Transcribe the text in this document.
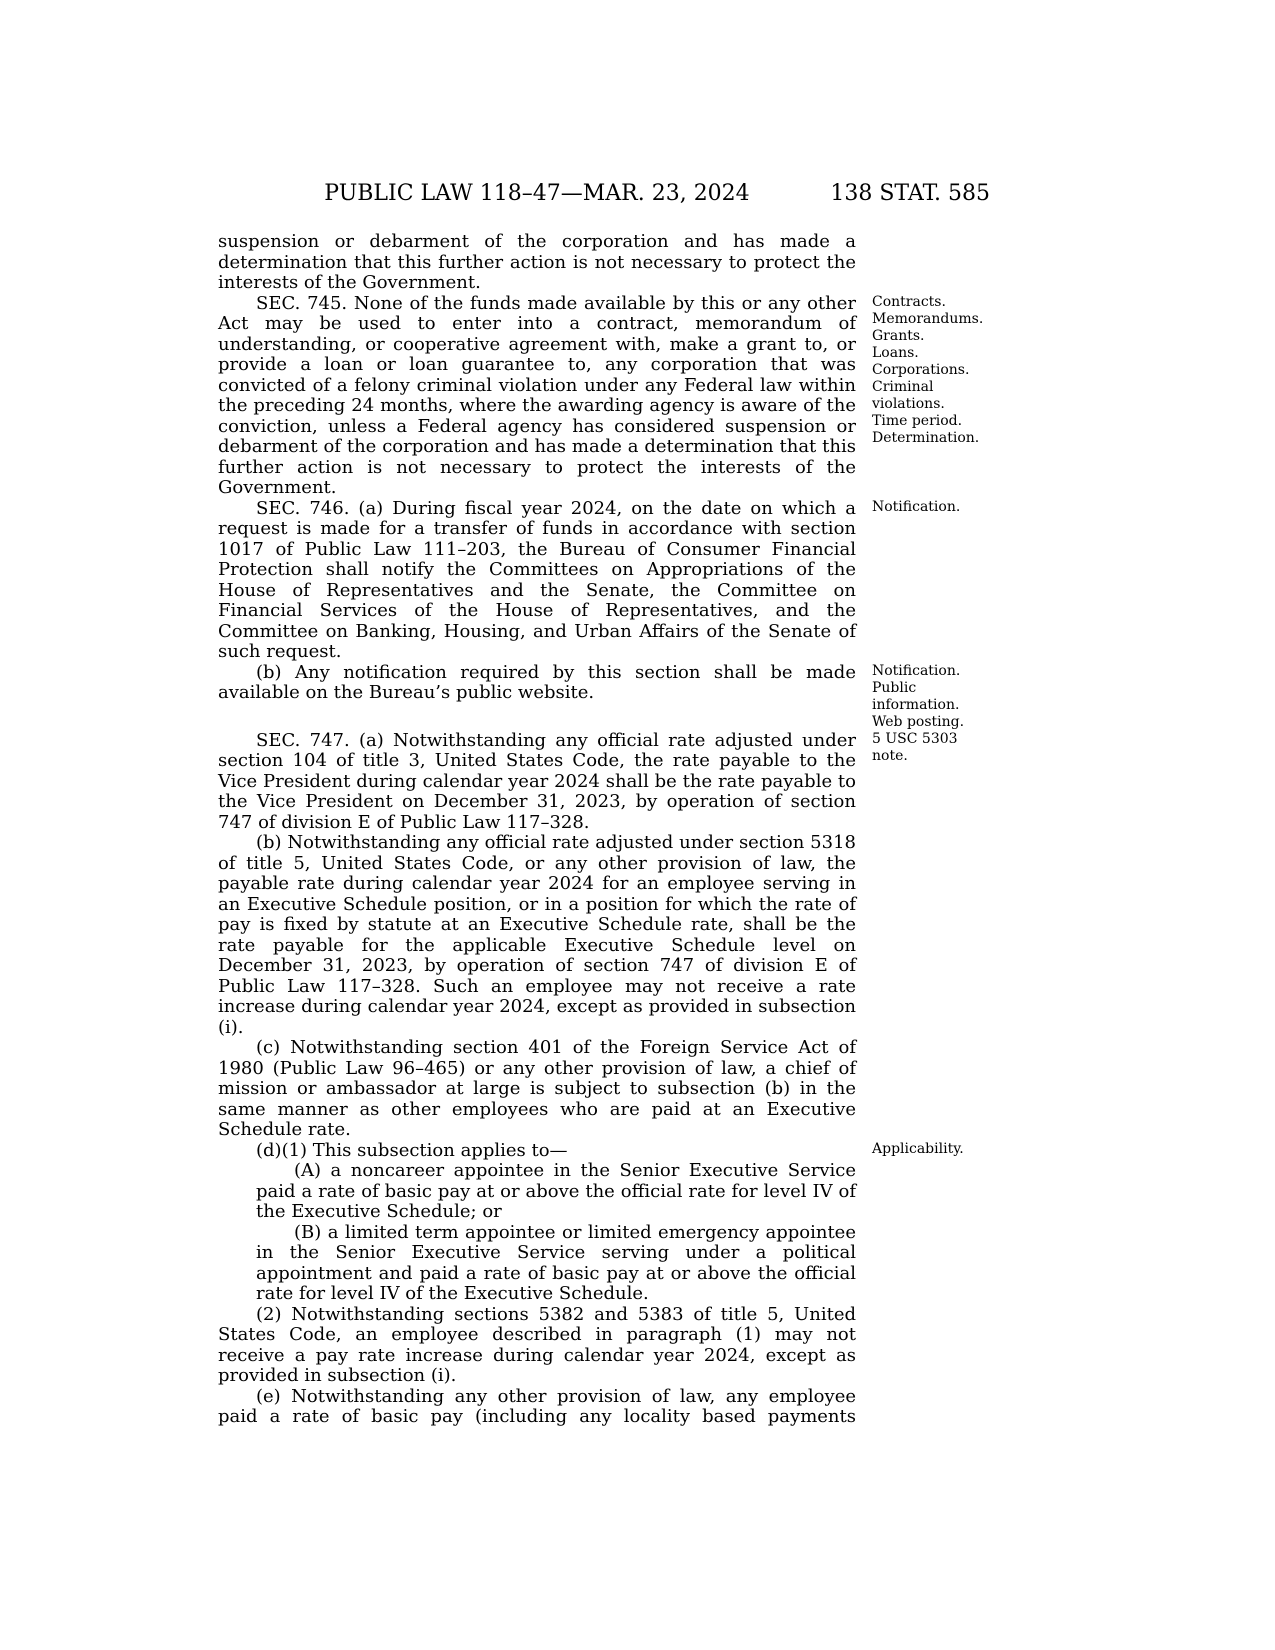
PUBLIC LAW 118–47—MAR. 23, 2024	138 STAT. 585

suspension or debarment of the corporation and has made a determination that this further action is not necessary to protect the interests of the Government.

SEC. 745. None of the funds made available by this or any other Act may be used to enter into a contract, memorandum of understanding, or cooperative agreement with, make a grant to, or provide a loan or loan guarantee to, any corporation that was convicted of a felony criminal violation under any Federal law within the preceding 24 months, where the awarding agency is aware of the conviction, unless a Federal agency has considered suspension or debarment of the corporation and has made a determination that this further action is not necessary to protect the interests of the Government.

Contracts.
Memorandums.
Grants.
Loans.
Corporations.
Criminal violations.
Time period.
Determination.

SEC. 746. (a) During fiscal year 2024, on the date on which a request is made for a transfer of funds in accordance with section 1017 of Public Law 111–203, the Bureau of Consumer Financial Protection shall notify the Committees on Appropriations of the House of Representatives and the Senate, the Committee on Financial Services of the House of Representatives, and the Committee on Banking, Housing, and Urban Affairs of the Senate of such request.

Notification.

(b) Any notification required by this section shall be made available on the Bureau’s public website.

Notification.
Public information.
Web posting.

SEC. 747. (a) Notwithstanding any official rate adjusted under section 104 of title 3, United States Code, the rate payable to the Vice President during calendar year 2024 shall be the rate payable to the Vice President on December 31, 2023, by operation of section 747 of division E of Public Law 117–328.

5 USC 5303 note.

(b) Notwithstanding any official rate adjusted under section 5318 of title 5, United States Code, or any other provision of law, the payable rate during calendar year 2024 for an employee serving in an Executive Schedule position, or in a position for which the rate of pay is fixed by statute at an Executive Schedule rate, shall be the rate payable for the applicable Executive Schedule level on December 31, 2023, by operation of section 747 of division E of Public Law 117–328. Such an employee may not receive a rate increase during calendar year 2024, except as provided in subsection (i).

(c) Notwithstanding section 401 of the Foreign Service Act of 1980 (Public Law 96–465) or any other provision of law, a chief of mission or ambassador at large is subject to subsection (b) in the same manner as other employees who are paid at an Executive Schedule rate.

(d)(1) This subsection applies to—	Applicability.

(A) a noncareer appointee in the Senior Executive Service paid a rate of basic pay at or above the official rate for level IV of the Executive Schedule; or

(B) a limited term appointee or limited emergency appointee in the Senior Executive Service serving under a political appointment and paid a rate of basic pay at or above the official rate for level IV of the Executive Schedule.

(2) Notwithstanding sections 5382 and 5383 of title 5, United States Code, an employee described in paragraph (1) may not receive a pay rate increase during calendar year 2024, except as provided in subsection (i).

(e) Notwithstanding any other provision of law, any employee paid a rate of basic pay (including any locality based payments
